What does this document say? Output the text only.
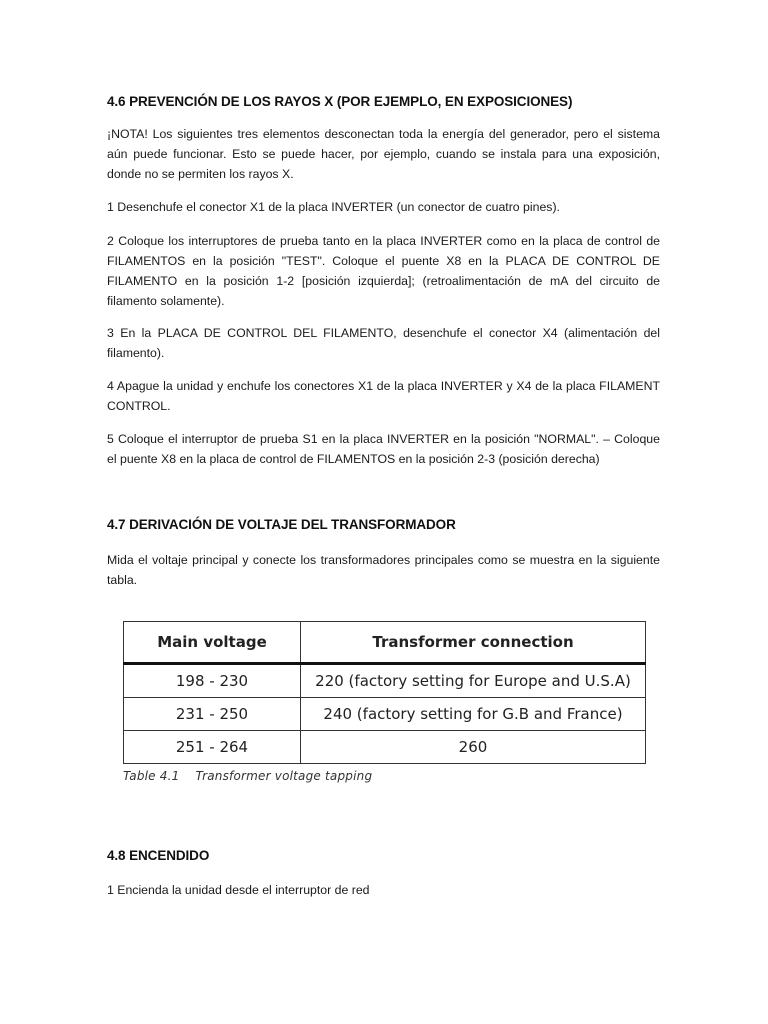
4.6 PREVENCIÓN DE LOS RAYOS X (POR EJEMPLO, EN EXPOSICIONES)

¡NOTA! Los siguientes tres elementos desconectan toda la energía del generador, pero el sistema aún puede funcionar. Esto se puede hacer, por ejemplo, cuando se instala para una exposición, donde no se permiten los rayos X.

1 Desenchufe el conector X1 de la placa INVERTER (un conector de cuatro pines).

2 Coloque los interruptores de prueba tanto en la placa INVERTER como en la placa de control de FILAMENTOS en la posición "TEST". Coloque el puente X8 en la PLACA DE CONTROL DE FILAMENTO en la posición 1-2 [posición izquierda]; (retroalimentación de mA del circuito de filamento solamente).

3 En la PLACA DE CONTROL DEL FILAMENTO, desenchufe el conector X4 (alimentación del filamento).

4 Apague la unidad y enchufe los conectores X1 de la placa INVERTER y X4 de la placa FILAMENT CONTROL.

5 Coloque el interruptor de prueba S1 en la placa INVERTER en la posición "NORMAL". – Coloque el puente X8 en la placa de control de FILAMENTOS en la posición 2-3 (posición derecha)

4.7 DERIVACIÓN DE VOLTAJE DEL TRANSFORMADOR

Mida el voltaje principal y conecte los transformadores principales como se muestra en la siguiente tabla.

Main voltage	Transformer connection
198 - 230	220 (factory setting for Europe and U.S.A)
231 - 250	240 (factory setting for G.B and France)
251 - 264	260
Table 4.1    Transformer voltage tapping
4.8 ENCENDIDO

1 Encienda la unidad desde el interruptor de red
